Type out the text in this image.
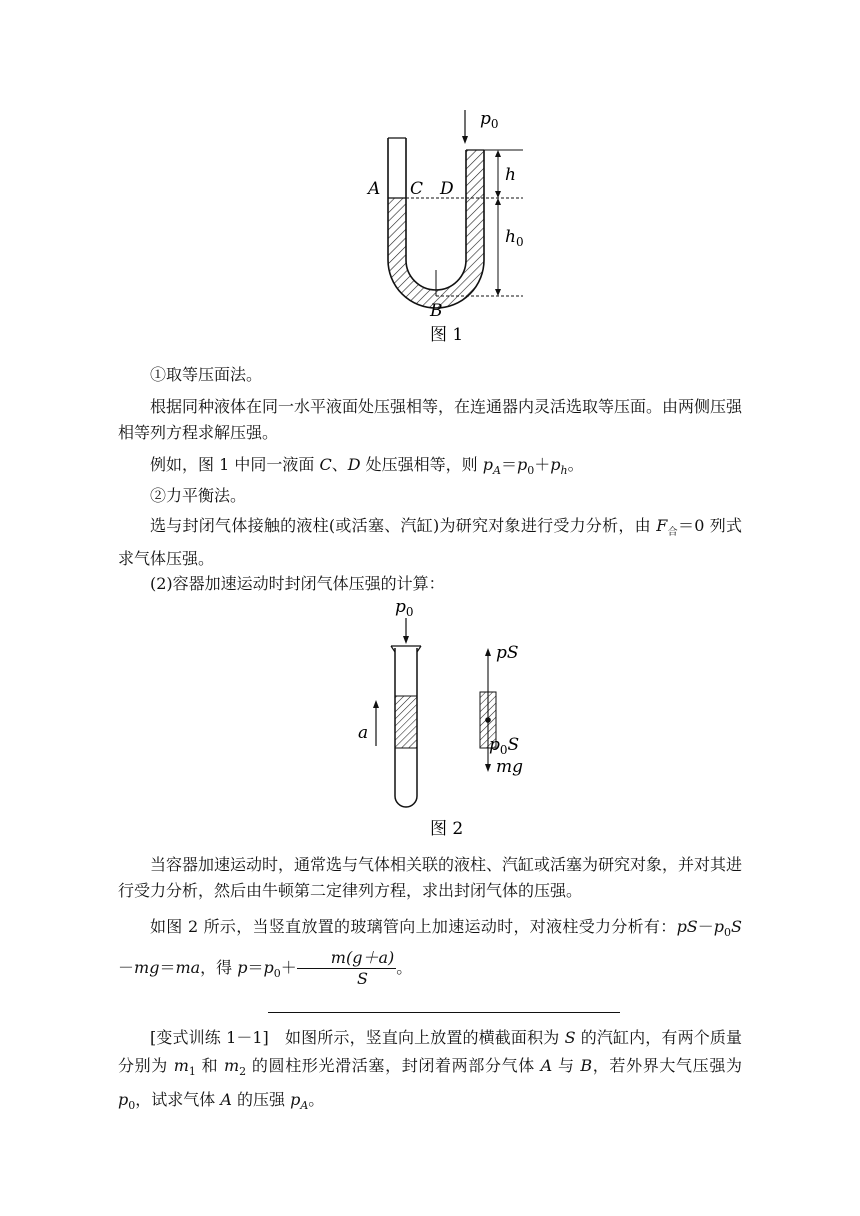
$p_0$
h
$h_0$
A C D
B
图 1

①取等压面法。

根据同种液体在同一水平液面处压强相等，在连通器内灵活选取等压面。由两侧压强相等列方程求解压强。

例如，图 1 中同一液面 C、D 处压强相等，则 $p_A=p_0+p_h$。

②力平衡法。

选与封闭气体接触的液柱(或活塞、汽缸)为研究对象进行受力分析，由 $F_合=0$ 列式求气体压强。

(2)容器加速运动时封闭气体压强的计算：

$p_0$
a
pS
$p_0S$
mg
图 2

当容器加速运动时，通常选与气体相关联的液柱、汽缸或活塞为研究对象，并对其进行受力分析，然后由牛顿第二定律列方程，求出封闭气体的压强。

如图 2 所示，当竖直放置的玻璃管向上加速运动时，对液柱受力分析有：$pS-p_0S-mg=ma$，得 $p=p_0+ \frac{m(g+a)}{S}$ 。

[变式训练 1－1]　如图所示，竖直向上放置的横截面积为 S 的汽缸内，有两个质量分别为 $m_1$ 和 $m_2$ 的圆柱形光滑活塞，封闭着两部分气体 A 与 B，若外界大气压强为 $p_0$，试求气体 A 的压强 $p_A$。
